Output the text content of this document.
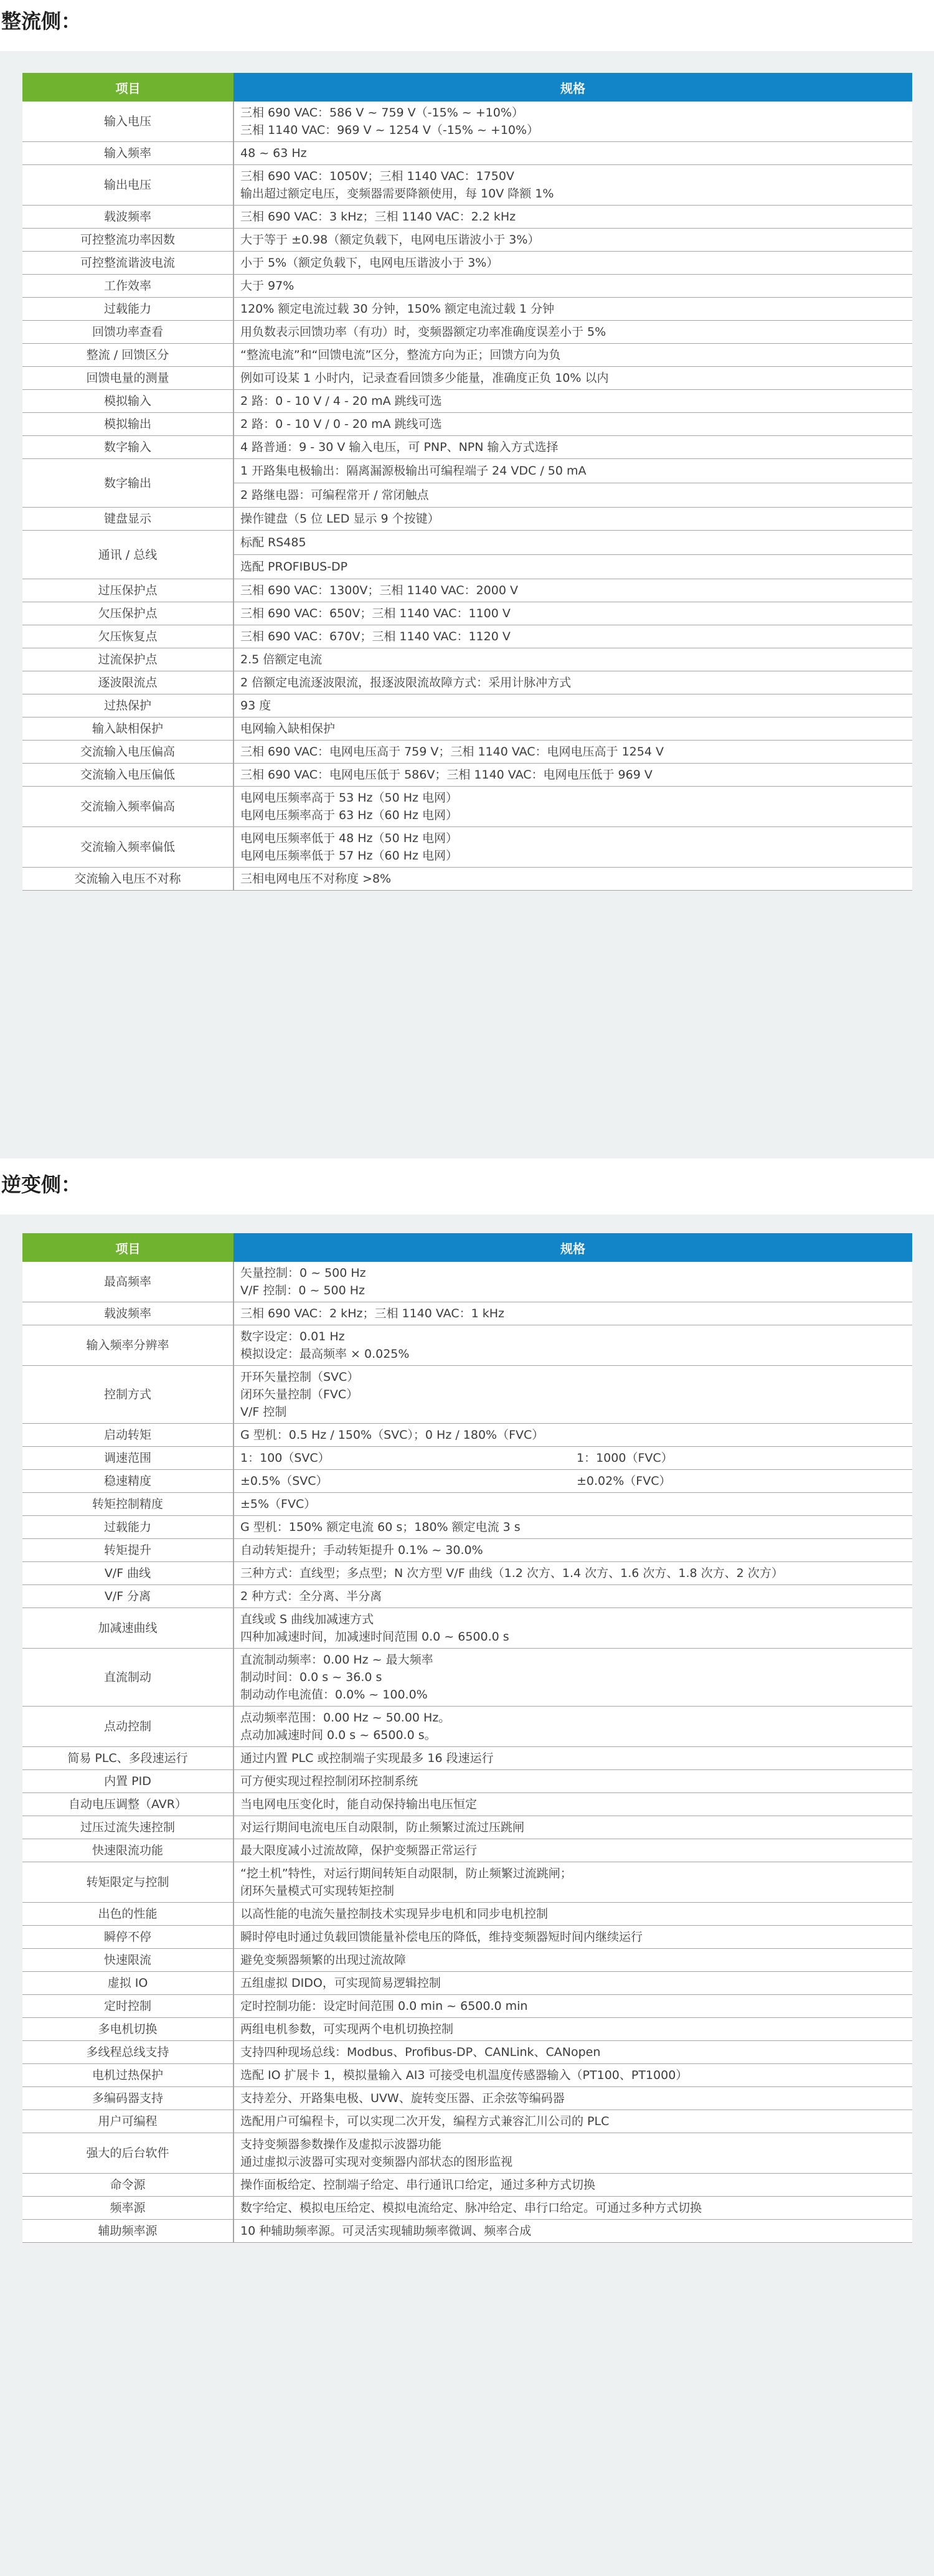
整流侧：
项目	规格
输入电压	三相 690 VAC：586 V ~ 759 V（-15% ~ +10%）
三相 1140 VAC：969 V ~ 1254 V（-15% ~ +10%）

输入频率	48 ~ 63 Hz

输出电压	三相 690 VAC：1050V；三相 1140 VAC：1750V
输出超过额定电压，变频器需要降额使用，每 10V 降额 1%

载波频率	三相 690 VAC：3 kHz；三相 1140 VAC：2.2 kHz

可控整流功率因数	大于等于 ±0.98（额定负载下，电网电压谐波小于 3%）

可控整流谐波电流	小于 5%（额定负载下，电网电压谐波小于 3%）

工作效率	大于 97%

过载能力	120% 额定电流过载 30 分钟，150% 额定电流过载 1 分钟

回馈功率查看	用负数表示回馈功率（有功）时，变频器额定功率准确度误差小于 5%

整流 / 回馈区分	“整流电流”和“回馈电流”区分，整流方向为正；回馈方向为负

回馈电量的测量	例如可设某 1 小时内，记录查看回馈多少能量，准确度正负 10% 以内

模拟输入	2 路：0 - 10 V / 4 - 20 mA 跳线可选

模拟输出	2 路：0 - 10 V / 0 - 20 mA 跳线可选

数字输入	4 路普通：9 - 30 V 输入电压，可 PNP、NPN 输入方式选择

数字输出	1 开路集电极输出：隔离漏源极输出可编程端子 24 VDC / 50 mA
2 路继电器：可编程常开 / 常闭触点

键盘显示	操作键盘（5 位 LED 显示 9 个按键）

通讯 / 总线	标配 RS485
选配 PROFIBUS-DP

过压保护点	三相 690 VAC：1300V；三相 1140 VAC：2000 V

欠压保护点	三相 690 VAC：650V；三相 1140 VAC：1100 V

欠压恢复点	三相 690 VAC：670V；三相 1140 VAC：1120 V

过流保护点	2.5 倍额定电流

逐波限流点	2 倍额定电流逐波限流，报逐波限流故障方式：采用计脉冲方式

过热保护	93 度

输入缺相保护	电网输入缺相保护

交流输入电压偏高	三相 690 VAC：电网电压高于 759 V；三相 1140 VAC：电网电压高于 1254 V

交流输入电压偏低	三相 690 VAC：电网电压低于 586V；三相 1140 VAC：电网电压低于 969 V

交流输入频率偏高	电网电压频率高于 53 Hz（50 Hz 电网）
电网电压频率高于 63 Hz（60 Hz 电网）

交流输入频率偏低	电网电压频率低于 48 Hz（50 Hz 电网）
电网电压频率低于 57 Hz（60 Hz 电网）

交流输入电压不对称	三相电网电压不对称度 >8%
逆变侧：
项目	规格
最高频率	矢量控制：0 ~ 500 Hz
V/F 控制：0 ~ 500 Hz

载波频率	三相 690 VAC：2 kHz；三相 1140 VAC：1 kHz

输入频率分辨率	数字设定：0.01 Hz
模拟设定：最高频率 × 0.025%

控制方式	开环矢量控制（SVC）
闭环矢量控制（FVC）
V/F 控制

启动转矩	G 型机：0.5 Hz / 150%（SVC）；0 Hz / 180%（FVC）

调速范围	1：100（SVC） 1：1000（FVC）

稳速精度	±0.5%（SVC） ±0.02%（FVC）

转矩控制精度	±5%（FVC）

过载能力	G 型机：150% 额定电流 60 s；180% 额定电流 3 s

转矩提升	自动转矩提升；手动转矩提升 0.1% ~ 30.0%

V/F 曲线	三种方式：直线型；多点型；N 次方型 V/F 曲线（1.2 次方、1.4 次方、1.6 次方、1.8 次方、2 次方）

V/F 分离	2 种方式：全分离、半分离

加减速曲线	直线或 S 曲线加减速方式
四种加减速时间，加减速时间范围 0.0 ~ 6500.0 s

直流制动	直流制动频率：0.00 Hz ~ 最大频率
制动时间：0.0 s ~ 36.0 s
制动动作电流值：0.0% ~ 100.0%

点动控制	点动频率范围：0.00 Hz ~ 50.00 Hz。
点动加减速时间 0.0 s ~ 6500.0 s。

简易 PLC、多段速运行	通过内置 PLC 或控制端子实现最多 16 段速运行

内置 PID	可方便实现过程控制闭环控制系统

自动电压调整（AVR）	当电网电压变化时，能自动保持输出电压恒定

过压过流失速控制	对运行期间电流电压自动限制，防止频繁过流过压跳闸

快速限流功能	最大限度减小过流故障，保护变频器正常运行

转矩限定与控制	“挖土机”特性，对运行期间转矩自动限制，防止频繁过流跳闸；
闭环矢量模式可实现转矩控制

出色的性能	以高性能的电流矢量控制技术实现异步电机和同步电机控制

瞬停不停	瞬时停电时通过负载回馈能量补偿电压的降低，维持变频器短时间内继续运行

快速限流	避免变频器频繁的出现过流故障

虚拟 IO	五组虚拟 DIDO，可实现简易逻辑控制

定时控制	定时控制功能：设定时间范围 0.0 min ~ 6500.0 min

多电机切换	两组电机参数，可实现两个电机切换控制

多线程总线支持	支持四种现场总线：Modbus、Profibus-DP、CANLink、CANopen

电机过热保护	选配 IO 扩展卡 1，模拟量输入 AI3 可接受电机温度传感器输入（PT100、PT1000）

多编码器支持	支持差分、开路集电极、UVW、旋转变压器、正余弦等编码器

用户可编程	选配用户可编程卡，可以实现二次开发，编程方式兼容汇川公司的 PLC

强大的后台软件	支持变频器参数操作及虚拟示波器功能
通过虚拟示波器可实现对变频器内部状态的图形监视

命令源	操作面板给定、控制端子给定、串行通讯口给定，通过多种方式切换

频率源	数字给定、模拟电压给定、模拟电流给定、脉冲给定、串行口给定。可通过多种方式切换

辅助频率源	10 种辅助频率源。可灵活实现辅助频率微调、频率合成
